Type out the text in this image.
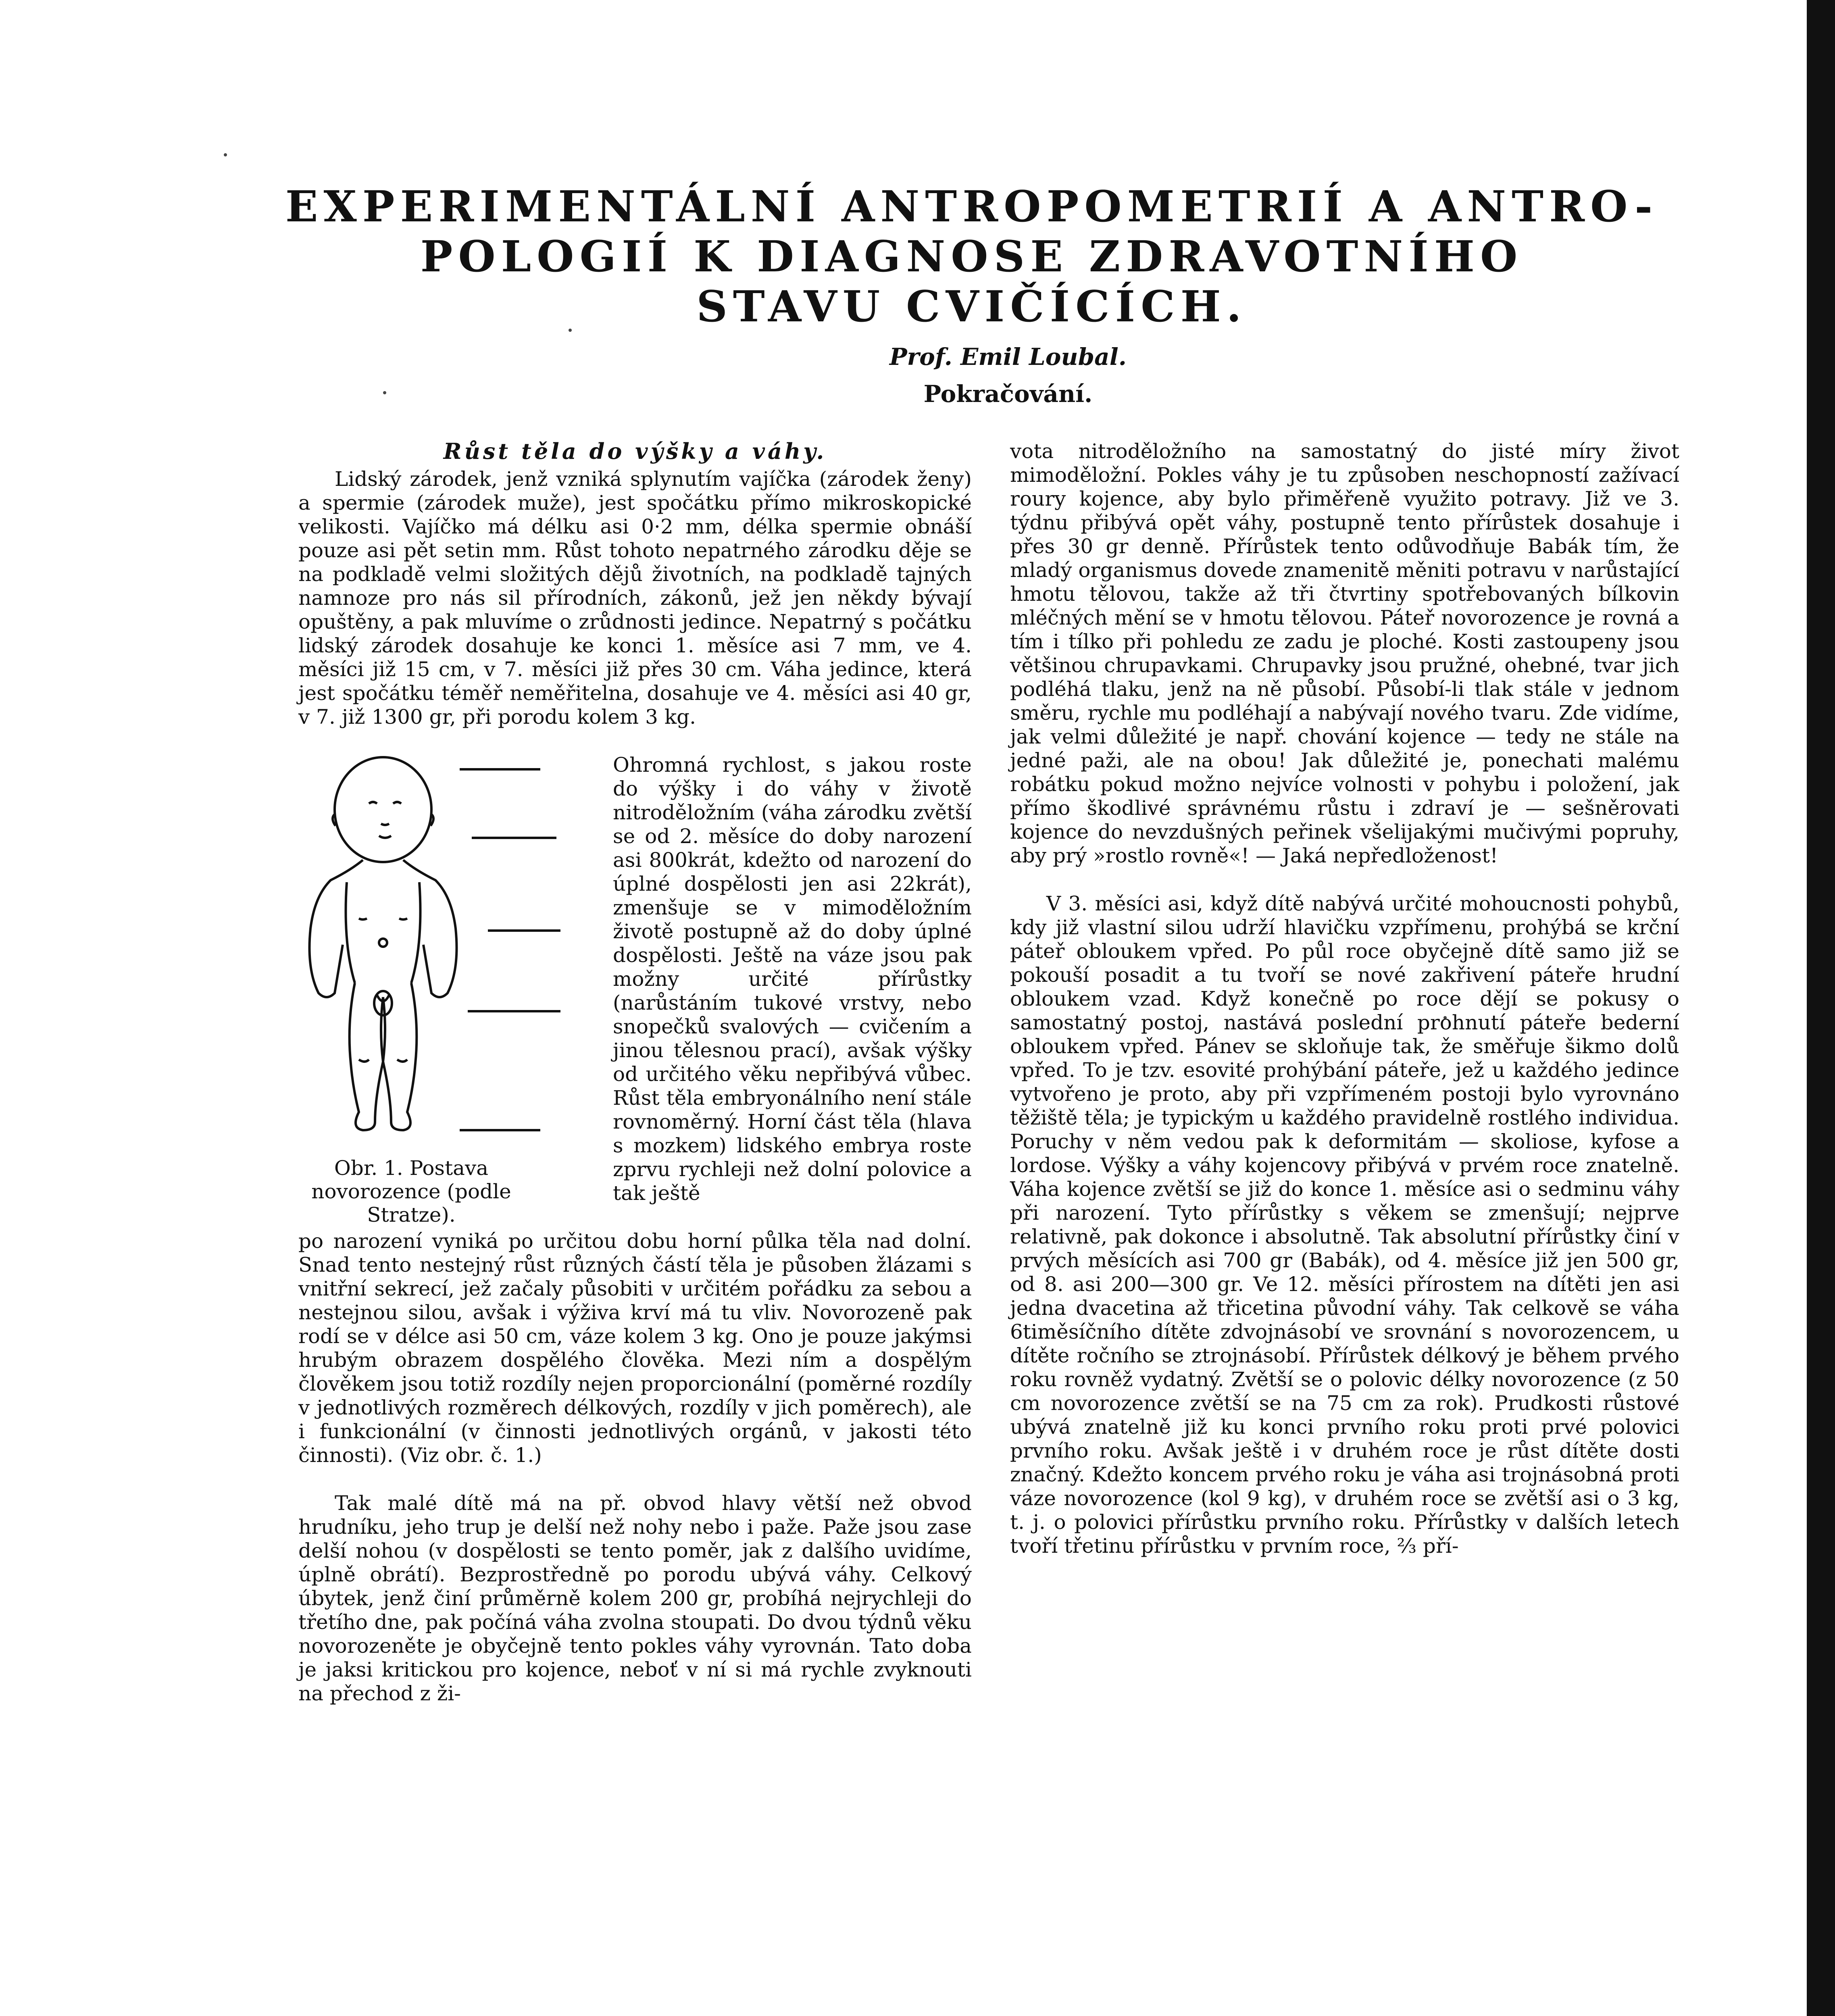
EXPERIMENTÁLNÍ ANTROPOMETRIÍ A ANTRO-
POLOGIÍ K DIAGNOSE ZDRAVOTNÍHO
STAVU CVIČÍCÍCH.
Prof. Emil Loubal.
Pokračování.
Růst těla do výšky a váhy.

Lidský zárodek, jenž vzniká splynutím vajíčka (zárodek ženy) a spermie (zárodek muže), jest spočátku přímo mikroskopické velikosti. Vajíčko má délku asi 0·2 mm, délka spermie obnáší pouze asi pět setin mm. Růst tohoto nepatrného zárodku děje se na podkladě velmi složitých dějů životních, na podkladě tajných namnoze pro nás sil přírodních, zákonů, jež jen někdy bývají opuštěny, a pak mluvíme o zrůdnosti jedince. Nepatrný s počátku lidský zárodek dosahuje ke konci 1. měsíce asi 7 mm, ve 4. měsíci již 15 cm, v 7. měsíci již přes 30 cm. Váha jedince, která jest spočátku téměř neměřitelna, dosahuje ve 4. měsíci asi 40 gr, v 7. již 1300 gr, při porodu kolem 3 kg.

Obr. 1. Postava novorozence (podle Stratze).

Ohromná rychlost, s jakou roste do výšky i do váhy v životě nitroděložním (váha zárodku zvětší se od 2. měsíce do doby narození asi 800krát, kdežto od narození do úplné dospělosti jen asi 22krát), zmenšuje se v mimoděložním životě postupně až do doby úplné dospělosti. Ještě na váze jsou pak možny určité přírůstky (narůstáním tukové vrstvy, nebo snopečků svalových — cvičením a jinou tělesnou prací), avšak výšky od určitého věku nepřibývá vůbec. Růst těla embryonálního není stále rovnoměrný. Horní část těla (hlava s mozkem) lidského embrya roste zprvu rychleji než dolní polovice a tak ještě

po narození vyniká po určitou dobu horní půlka těla nad dolní. Snad tento nestejný růst různých částí těla je působen žlázami s vnitřní sekrecí, jež začaly působiti v určitém pořádku za sebou a nestejnou silou, avšak i výživa krví má tu vliv. Novorozeně pak rodí se v délce asi 50 cm, váze kolem 3 kg. Ono je pouze jakýmsi hrubým obrazem dospělého člověka. Mezi ním a dospělým člověkem jsou totiž rozdíly nejen proporcionální (poměrné rozdíly v jednotlivých rozměrech délkových, rozdíly v jich poměrech), ale i funkcionální (v činnosti jednotlivých orgánů, v jakosti této činnosti). (Viz obr. č. 1.)

Tak malé dítě má na př. obvod hlavy větší než obvod hrudníku, jeho trup je delší než nohy nebo i paže. Paže jsou zase delší nohou (v dospělosti se tento poměr, jak z dalšího uvidíme, úplně obrátí). Bezprostředně po porodu ubývá váhy. Celkový úbytek, jenž činí průměrně kolem 200 gr, probíhá nejrychleji do třetího dne, pak počíná váha zvolna stoupati. Do dvou týdnů věku novorozeněte je obyčejně tento pokles váhy vyrovnán. Tato doba je jaksi kritickou pro kojence, neboť v ní si má rychle zvyknouti na přechod z ži-

vota nitroděložního na samostatný do jisté míry život mimoděložní. Pokles váhy je tu způsoben neschopností zažívací roury kojence, aby bylo přiměřeně využito potravy. Již ve 3. týdnu přibývá opět váhy, postupně tento přírůstek dosahuje i přes 30 gr denně. Přírůstek tento odůvodňuje Babák tím, že mladý organismus dovede znamenitě měniti potravu v narůstající hmotu tělovou, takže až tři čtvrtiny spotřebovaných bílkovin mléčných mění se v hmotu tělovou. Páteř novorozence je rovná a tím i tílko při pohledu ze zadu je ploché. Kosti zastoupeny jsou většinou chrupavkami. Chrupavky jsou pružné, ohebné, tvar jich podléhá tlaku, jenž na ně působí. Působí-li tlak stále v jednom směru, rychle mu podléhají a nabývají nového tvaru. Zde vidíme, jak velmi důležité je např. chování kojence — tedy ne stále na jedné paži, ale na obou! Jak důležité je, ponechati malému robátku pokud možno nejvíce volnosti v pohybu i položení, jak přímo škodlivé správnému růstu i zdraví je — sešněrovati kojence do nevzdušných peřinek všelijakými mučivými popruhy, aby prý »rostlo rovně«! — Jaká nepředloženost!

V 3. měsíci asi, když dítě nabývá určité mohoucnosti pohybů, kdy již vlastní silou udrží hlavičku vzpřímenu, prohýbá se krční páteř obloukem vpřed. Po půl roce obyčejně dítě samo již se pokouší posadit a tu tvoří se nové zakřivení páteře hrudní obloukem vzad. Když konečně po roce dějí se pokusy o samostatný postoj, nastává poslední prohnutí páteře bederní obloukem vpřed. Pánev se skloňuje tak, že směřuje šikmo dolů vpřed. To je tzv. esovité prohýbání páteře, jež u každého jedince vytvořeno je proto, aby při vzpřímeném postoji bylo vyrovnáno těžiště těla; je typickým u každého pravidelně rostlého individua. Poruchy v něm vedou pak k deformitám — skoliose, kyfose a lordose. Výšky a váhy kojencovy přibývá v prvém roce znatelně. Váha kojence zvětší se již do konce 1. měsíce asi o sedminu váhy při narození. Tyto přírůstky s věkem se zmenšují; nejprve relativně, pak dokonce i absolutně. Tak absolutní přírůstky činí v prvých měsících asi 700 gr (Babák), od 4. měsíce již jen 500 gr, od 8. asi 200—300 gr. Ve 12. měsíci přírostem na dítěti jen asi jedna dvacetina až třicetina původní váhy. Tak celkově se váha 6timěsíčního dítěte zdvojnásobí ve srovnání s novorozencem, u dítěte ročního se ztrojnásobí. Přírůstek délkový je během prvého roku rovněž vydatný. Zvětší se o polovic délky novorozence (z 50 cm novorozence zvětší se na 75 cm za rok). Prudkosti růstové ubývá znatelně již ku konci prvního roku proti prvé polovici prvního roku. Avšak ještě i v druhém roce je růst dítěte dosti značný. Kdežto koncem prvého roku je váha asi trojnásobná proti váze novorozence (kol 9 kg), v druhém roce se zvětší asi o 3 kg, t. j. o polovici přírůstku prvního roku. Přírůstky v dalších letech tvoří třetinu přírůstku v prvním roce, ⅔ pří-
